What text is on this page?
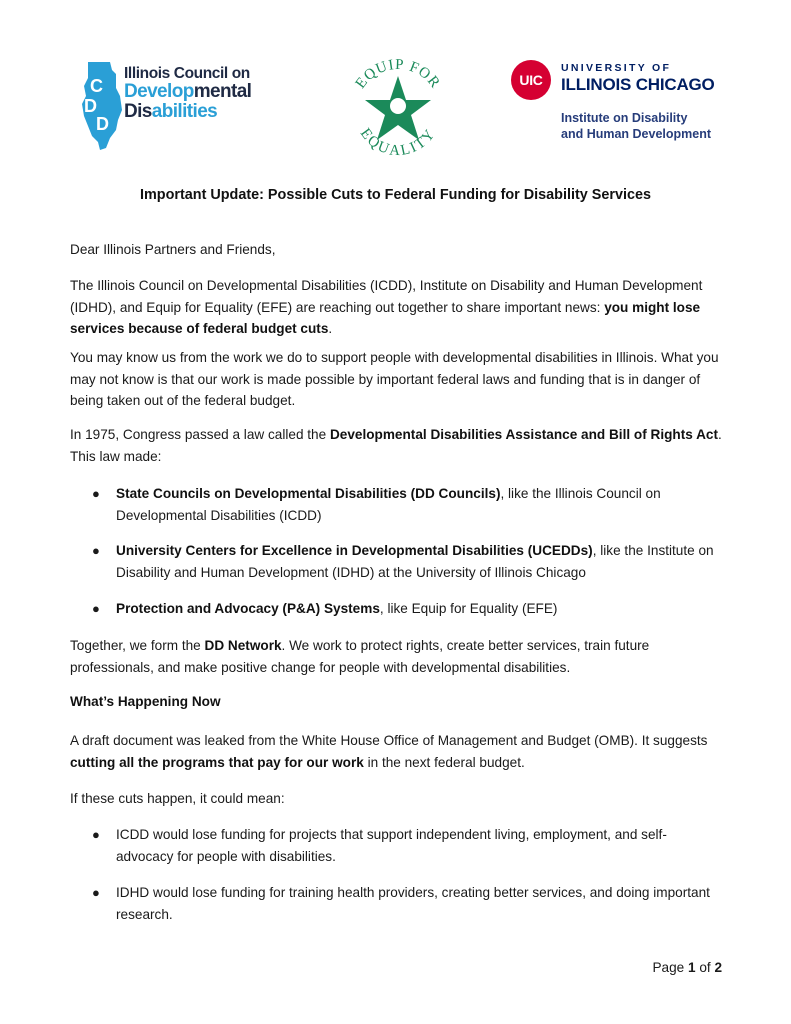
C
D
D
Illinois Council on
Developmental
Disabilities
EQUIP FOR
EQUALITY
UIC
UNIVERSITY OF
ILLINOIS CHICAGO
Institute on Disability
and Human Development
Important Update: Possible Cuts to Federal Funding for Disability Services
Dear Illinois Partners and Friends,
The Illinois Council on Developmental Disabilities (ICDD), Institute on Disability and Human Development (IDHD), and Equip for Equality (EFE) are reaching out together to share important news: you might lose services because of federal budget cuts.
You may know us from the work we do to support people with developmental disabilities in Illinois. What you may not know is that our work is made possible by important federal laws and funding that is in danger of being taken out of the federal budget.
In 1975, Congress passed a law called the Developmental Disabilities Assistance and Bill of Rights Act. This law made:
● State Councils on Developmental Disabilities (DD Councils), like the Illinois Council on Developmental Disabilities (ICDD)
● University Centers for Excellence in Developmental Disabilities (UCEDDs), like the Institute on Disability and Human Development (IDHD) at the University of Illinois Chicago
● Protection and Advocacy (P&A) Systems, like Equip for Equality (EFE)
Together, we form the DD Network. We work to protect rights, create better services, train future professionals, and make positive change for people with developmental disabilities.
What’s Happening Now
A draft document was leaked from the White House Office of Management and Budget (OMB). It suggests cutting all the programs that pay for our work in the next federal budget.
If these cuts happen, it could mean:
● ICDD would lose funding for projects that support independent living, employment, and self-advocacy for people with disabilities.
● IDHD would lose funding for training health providers, creating better services, and doing important research.
Page 1 of 2
